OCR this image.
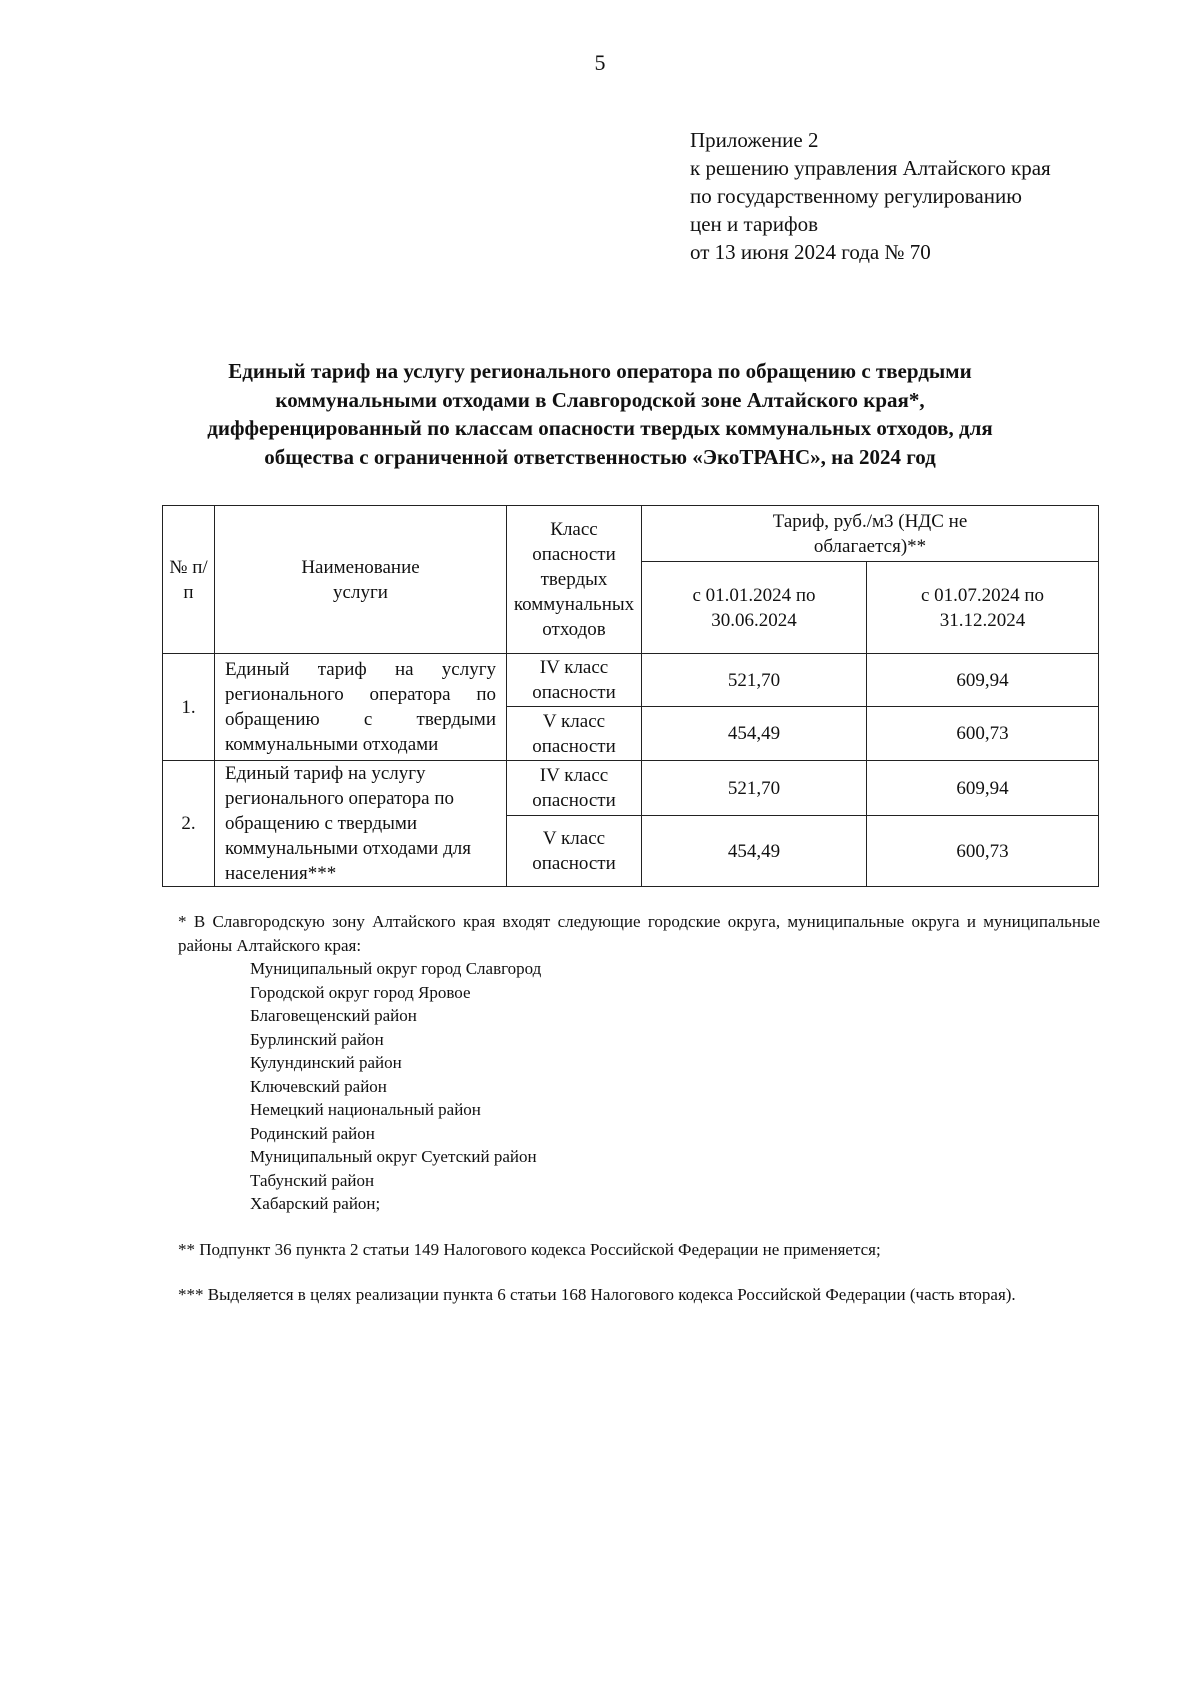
5
Приложение 2
к решению управления Алтайского края
по государственному регулированию
цен и тарифов
от 13 июня 2024 года № 70
Единый тариф на услугу регионального оператора по обращению с твердыми
коммунальными отходами в Славгородской зоне Алтайского края*,
дифференцированный по классам опасности твердых коммунальных отходов, для
общества с ограниченной ответственностью «ЭкоТРАНС», на 2024 год
№ п/п	Наименование услуги	Класс опасности твердых коммунальных отходов	Тариф, руб./м3 (НДС не облагается)**	
			с 01.01.2024 по 30.06.2024	с 01.07.2024 по 31.12.2024
1.	Единый тариф на услугу регионального оператора по обращению с твердыми коммунальными отходами	IV класс опасности	521,70	609,94
		V класс опасности	454,49	600,73
2.	Единый тариф на услугу регионального оператора по обращению с твердыми коммунальными отходами для населения***	IV класс опасности	521,70	609,94
		V класс опасности	454,49	600,73
* В Славгородскую зону Алтайского края входят следующие городские округа, муниципальные округа и муниципальные районы Алтайского края:
Муниципальный округ город Славгород
Городской округ город Яровое
Благовещенский район
Бурлинский район
Кулундинский район
Ключевский район
Немецкий национальный район
Родинский район
Муниципальный округ Суетский район
Табунский район
Хабарский район;
** Подпункт 36 пункта 2 статьи 149 Налогового кодекса Российской Федерации не применяется;
*** Выделяется в целях реализации пункта 6 статьи 168 Налогового кодекса Российской Федерации (часть вторая).
